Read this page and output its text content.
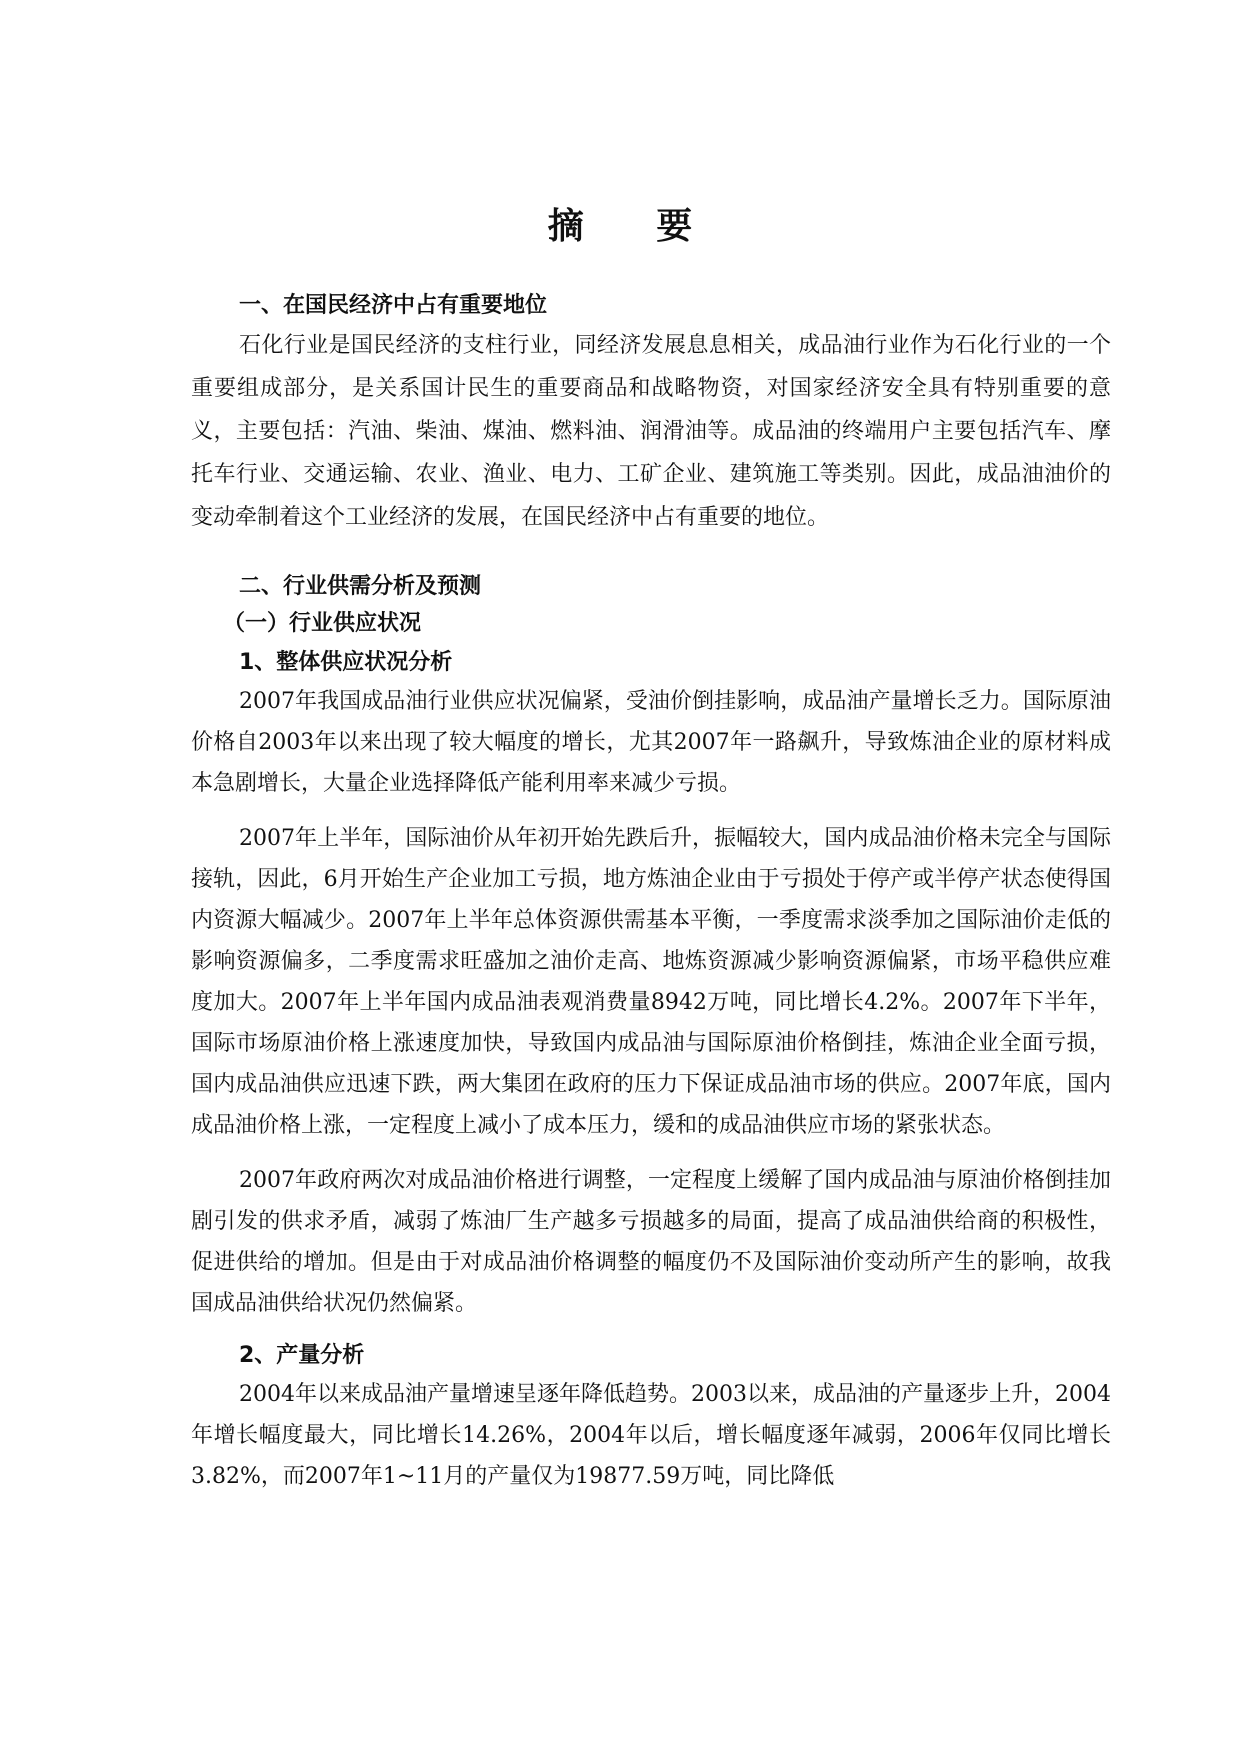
摘 要
一、在国民经济中占有重要地位

石化行业是国民经济的支柱行业，同经济发展息息相关，成品油行业作为石化行业的一个重要组成部分，是关系国计民生的重要商品和战略物资，对国家经济安全具有特别重要的意义，主要包括：汽油、柴油、煤油、燃料油、润滑油等。成品油的终端用户主要包括汽车、摩托车行业、交通运输、农业、渔业、电力、工矿企业、建筑施工等类别。因此，成品油油价的变动牵制着这个工业经济的发展，在国民经济中占有重要的地位。

二、行业供需分析及预测
（一）行业供应状况
1、整体供应状况分析

2007年我国成品油行业供应状况偏紧，受油价倒挂影响，成品油产量增长乏力。国际原油价格自2003年以来出现了较大幅度的增长，尤其2007年一路飙升，导致炼油企业的原材料成本急剧增长，大量企业选择降低产能利用率来减少亏损。

2007年上半年，国际油价从年初开始先跌后升，振幅较大，国内成品油价格未完全与国际接轨，因此，6月开始生产企业加工亏损，地方炼油企业由于亏损处于停产或半停产状态使得国内资源大幅减少。2007年上半年总体资源供需基本平衡，一季度需求淡季加之国际油价走低的影响资源偏多，二季度需求旺盛加之油价走高、地炼资源减少影响资源偏紧，市场平稳供应难度加大。2007年上半年国内成品油表观消费量8942万吨，同比增长4.2%。2007年下半年，国际市场原油价格上涨速度加快，导致国内成品油与国际原油价格倒挂，炼油企业全面亏损，国内成品油供应迅速下跌，两大集团在政府的压力下保证成品油市场的供应。2007年底，国内成品油价格上涨，一定程度上减小了成本压力，缓和的成品油供应市场的紧张状态。

2007年政府两次对成品油价格进行调整，一定程度上缓解了国内成品油与原油价格倒挂加剧引发的供求矛盾，减弱了炼油厂生产越多亏损越多的局面，提高了成品油供给商的积极性，促进供给的增加。但是由于对成品油价格调整的幅度仍不及国际油价变动所产生的影响，故我国成品油供给状况仍然偏紧。

2、产量分析

2004年以来成品油产量增速呈逐年降低趋势。2003以来，成品油的产量逐步上升，2004年增长幅度最大，同比增长14.26%，2004年以后，增长幅度逐年减弱，2006年仅同比增长3.82%，而2007年1~11月的产量仅为19877.59万吨，同比降低
